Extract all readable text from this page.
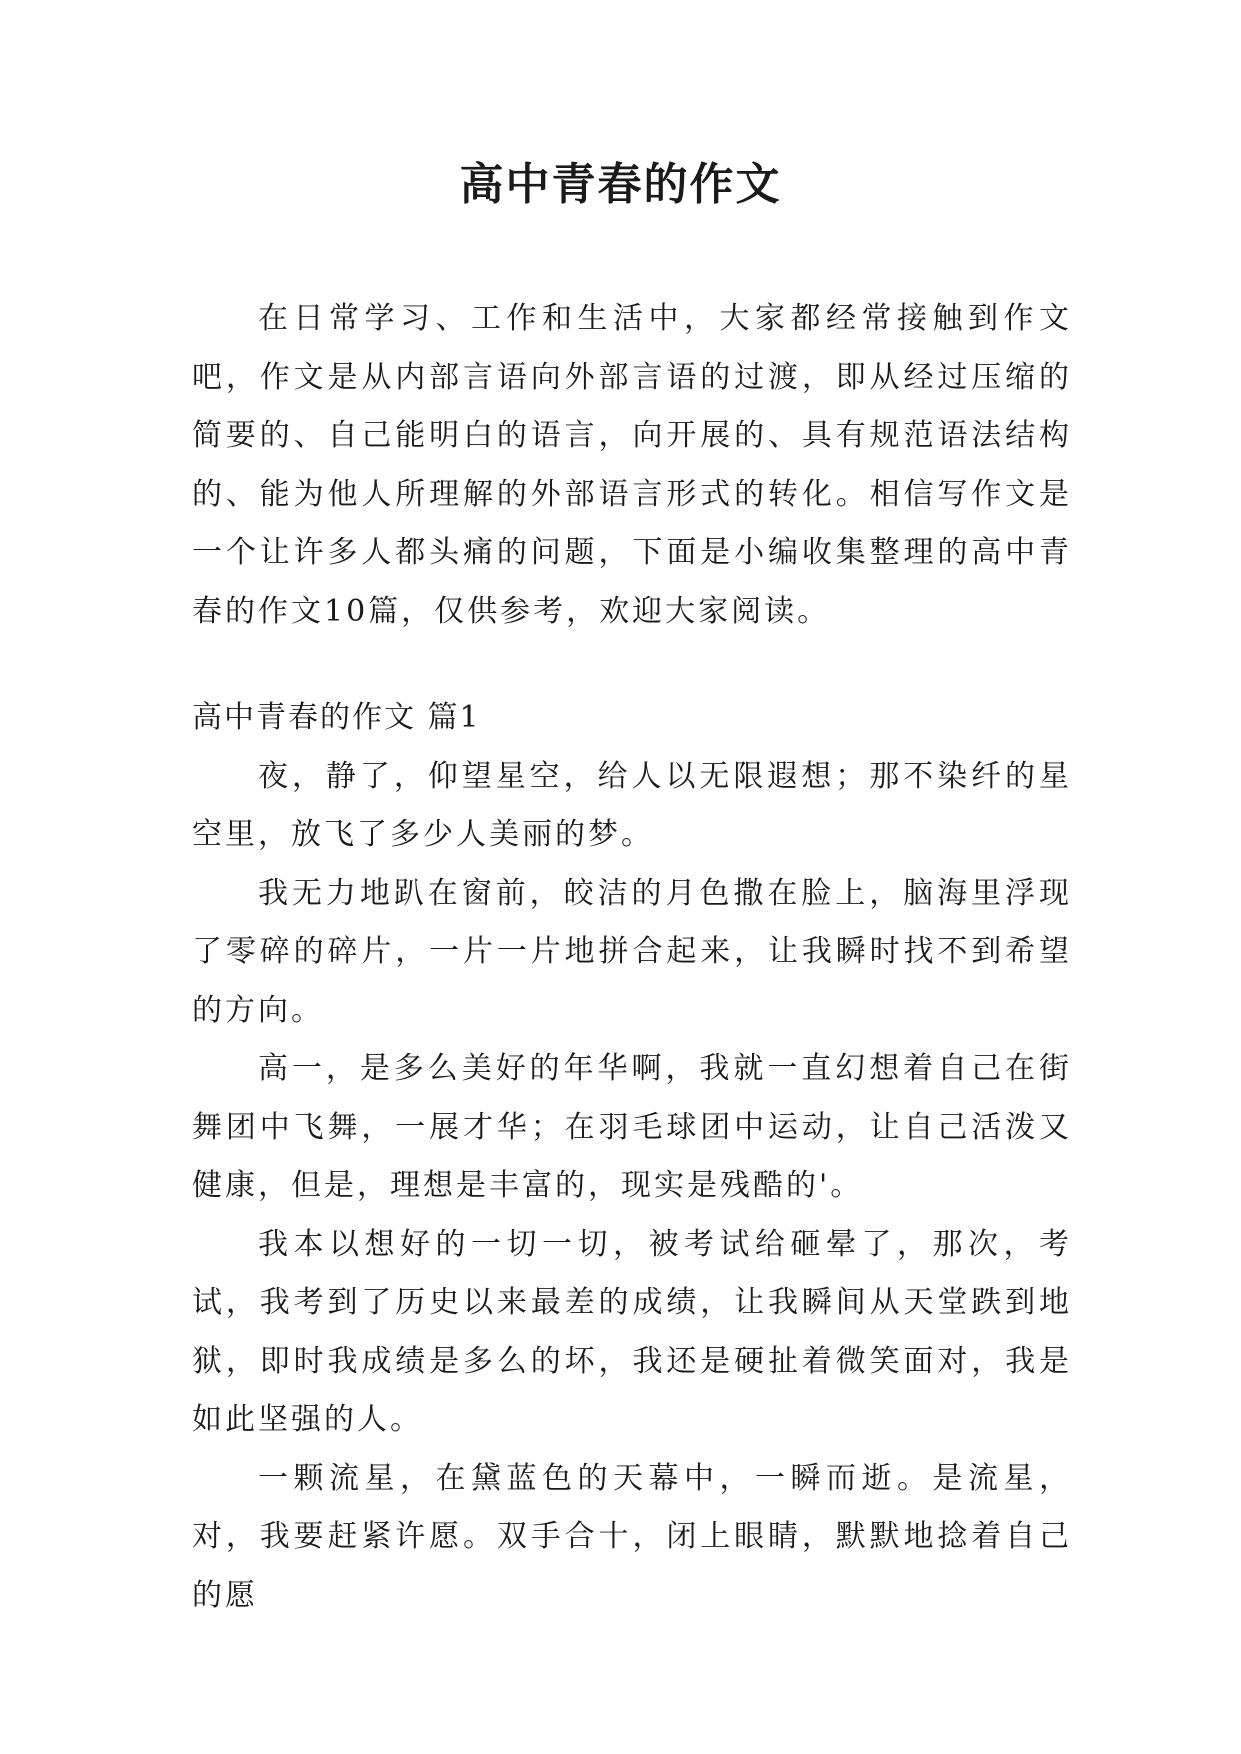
高中青春的作文

在日常学习、工作和生活中，大家都经常接触到作文吧，作文是从内部言语向外部言语的过渡，即从经过压缩的简要的、自己能明白的语言，向开展的、具有规范语法结构的、能为他人所理解的外部语言形式的转化。相信写作文是一个让许多人都头痛的问题，下面是小编收集整理的高中青春的作文10篇，仅供参考，欢迎大家阅读。

高中青春的作文 篇1

夜，静了，仰望星空，给人以无限遐想；那不染纤的星空里，放飞了多少人美丽的梦。

我无力地趴在窗前，皎洁的月色撒在脸上，脑海里浮现了零碎的碎片，一片一片地拼合起来，让我瞬时找不到希望的方向。

高一，是多么美好的年华啊，我就一直幻想着自己在街舞团中飞舞，一展才华；在羽毛球团中运动，让自己活泼又健康，但是，理想是丰富的，现实是残酷的'。

我本以想好的一切一切，被考试给砸晕了，那次，考试，我考到了历史以来最差的成绩，让我瞬间从天堂跌到地狱，即时我成绩是多么的坏，我还是硬扯着微笑面对，我是如此坚强的人。

一颗流星，在黛蓝色的天幕中，一瞬而逝。是流星，对，我要赶紧许愿。双手合十，闭上眼睛，默默地捻着自己的愿
